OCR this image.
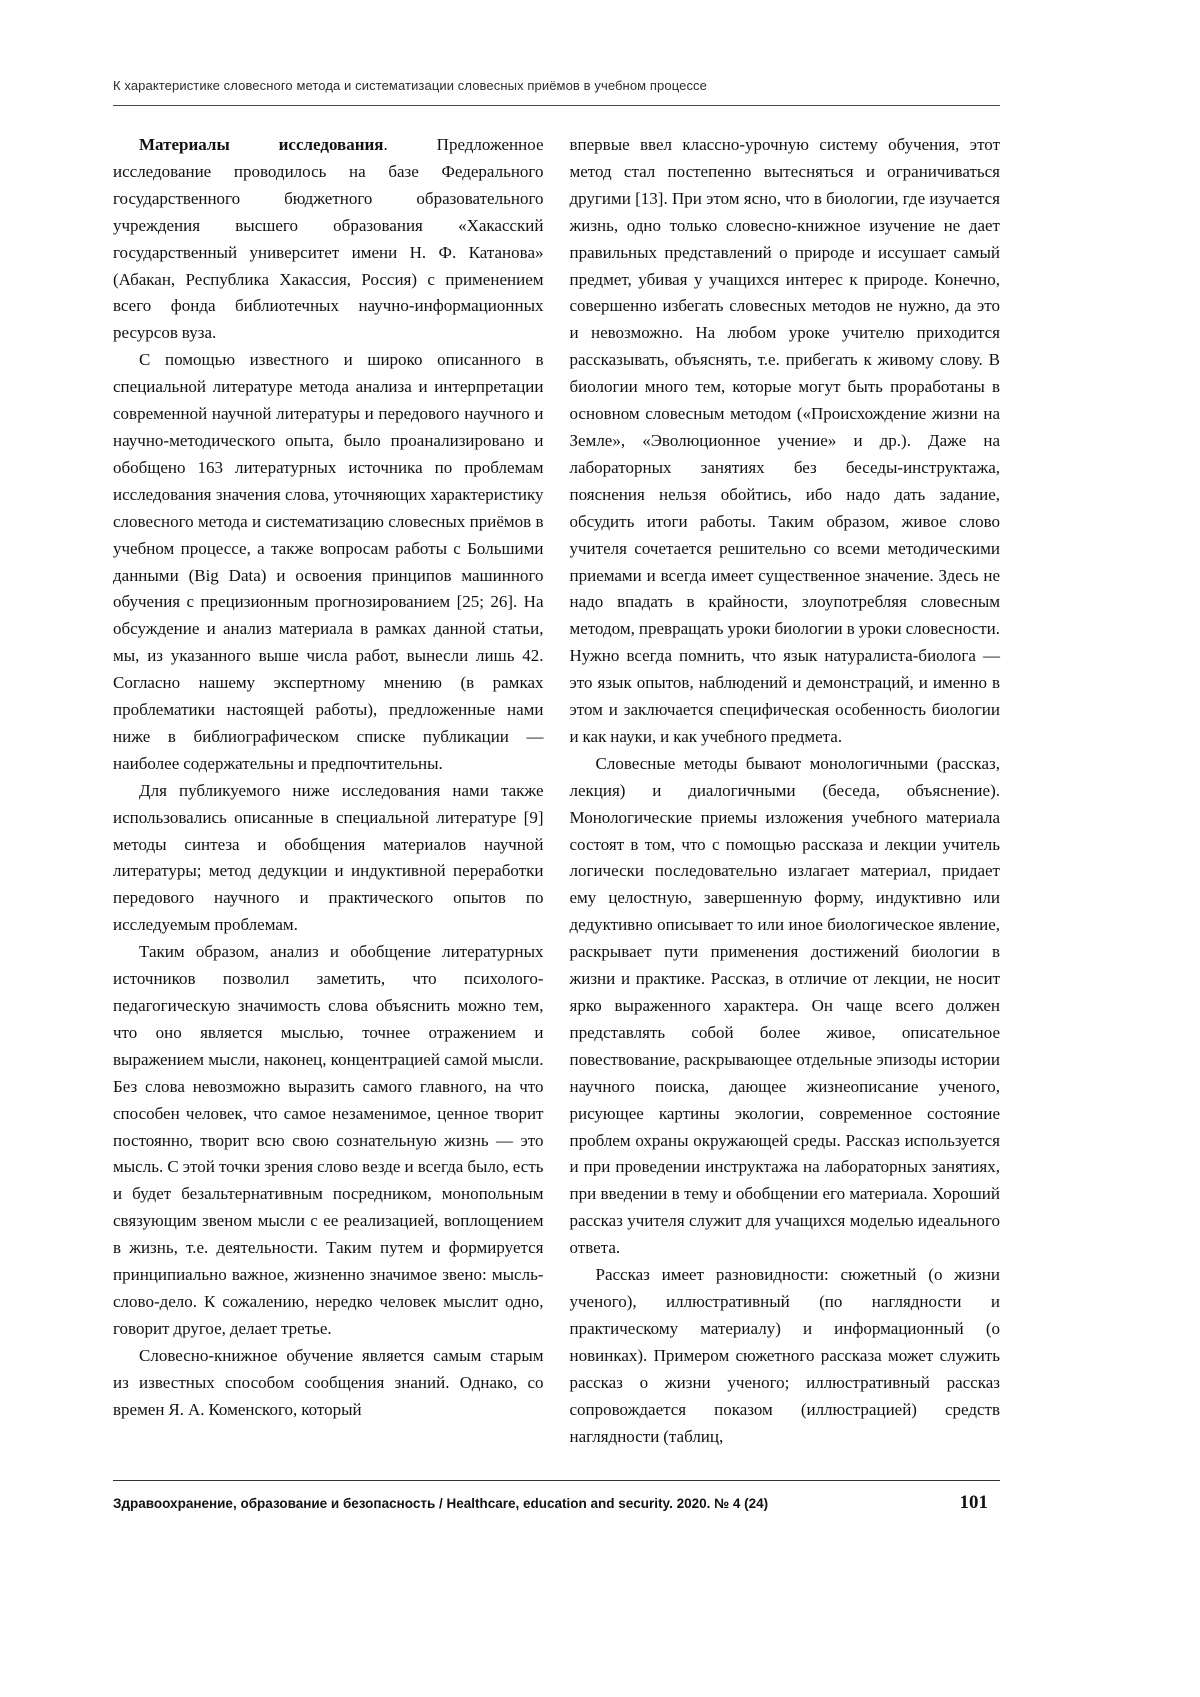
К характеристике словесного метода и систематизации словесных приёмов в учебном процессе

Материалы исследования. Предложенное исследование проводилось на базе Федерального государственного бюджетного образовательного учреждения высшего образования «Хакасский государственный университет имени Н. Ф. Катанова» (Абакан, Республика Хакассия, Россия) с применением всего фонда библиотечных научно-информационных ресурсов вуза.

С помощью известного и широко описанного в специальной литературе метода анализа и интерпретации современной научной литературы и передового научного и научно-методического опыта, было проанализировано и обобщено 163 литературных источника по проблемам исследования значения слова, уточняющих характеристику словесного метода и систематизацию словесных приёмов в учебном процессе, а также вопросам работы с Большими данными (Big Data) и освоения принципов машинного обучения с прецизионным прогнозированием [25; 26]. На обсуждение и анализ материала в рамках данной статьи, мы, из указанного выше числа работ, вынесли лишь 42. Согласно нашему экспертному мнению (в рамках проблематики настоящей работы), предложенные нами ниже в библиографическом списке публикации — наиболее содержательны и предпочтительны.

Для публикуемого ниже исследования нами также использовались описанные в специальной литературе [9] методы синтеза и обобщения материалов научной литературы; метод дедукции и индуктивной переработки передового научного и практического опытов по исследуемым проблемам.

Таким образом, анализ и обобщение литературных источников позволил заметить, что психолого-педагогическую значимость слова объяснить можно тем, что оно является мыслью, точнее отражением и выражением мысли, наконец, концентрацией самой мысли. Без слова невозможно выразить самого главного, на что способен человек, что самое незаменимое, ценное творит постоянно, творит всю свою сознательную жизнь — это мысль. С этой точки зрения слово везде и всегда было, есть и будет безальтернативным посредником, монопольным связующим звеном мысли с ее реализацией, воплощением в жизнь, т.е. деятельности. Таким путем и формируется принципиально важное, жизненно значимое звено: мысль-слово-дело. К сожалению, нередко человек мыслит одно, говорит другое, делает третье.

Словесно-книжное обучение является самым старым из известных способом сообщения знаний. Однако, со времен Я. А. Коменского, который

впервые ввел классно-урочную систему обучения, этот метод стал постепенно вытесняться и ограничиваться другими [13]. При этом ясно, что в биологии, где изучается жизнь, одно только словесно-книжное изучение не дает правильных представлений о природе и иссушает самый предмет, убивая у учащихся интерес к природе. Конечно, совершенно избегать словесных методов не нужно, да это и невозможно. На любом уроке учителю приходится рассказывать, объяснять, т.е. прибегать к живому слову. В биологии много тем, которые могут быть проработаны в основном словесным методом («Происхождение жизни на Земле», «Эволюционное учение» и др.). Даже на лабораторных занятиях без беседы-инструктажа, пояснения нельзя обойтись, ибо надо дать задание, обсудить итоги работы. Таким образом, живое слово учителя сочетается решительно со всеми методическими приемами и всегда имеет существенное значение. Здесь не надо впадать в крайности, злоупотребляя словесным методом, превращать уроки биологии в уроки словесности. Нужно всегда помнить, что язык натуралиста-биолога — это язык опытов, наблюдений и демонстраций, и именно в этом и заключается специфическая особенность биологии и как науки, и как учебного предмета.

Словесные методы бывают монологичными (рассказ, лекция) и диалогичными (беседа, объяснение). Монологические приемы изложения учебного материала состоят в том, что с помощью рассказа и лекции учитель логически последовательно излагает материал, придает ему целостную, завершенную форму, индуктивно или дедуктивно описывает то или иное биологическое явление, раскрывает пути применения достижений биологии в жизни и практике. Рассказ, в отличие от лекции, не носит ярко выраженного характера. Он чаще всего должен представлять собой более живое, описательное повествование, раскрывающее отдельные эпизоды истории научного поиска, дающее жизнеописание ученого, рисующее картины экологии, современное состояние проблем охраны окружающей среды. Рассказ используется и при проведении инструктажа на лабораторных занятиях, при введении в тему и обобщении его материала. Хороший рассказ учителя служит для учащихся моделью идеального ответа.

Рассказ имеет разновидности: сюжетный (о жизни ученого), иллюстративный (по наглядности и практическому материалу) и информационный (о новинках). Примером сюжетного рассказа может служить рассказ о жизни ученого; иллюстративный рассказ сопровождается показом (иллюстрацией) средств наглядности (таблиц,

Здравоохранение, образование и безопасность / Healthcare, education and security. 2020. № 4 (24)	101
